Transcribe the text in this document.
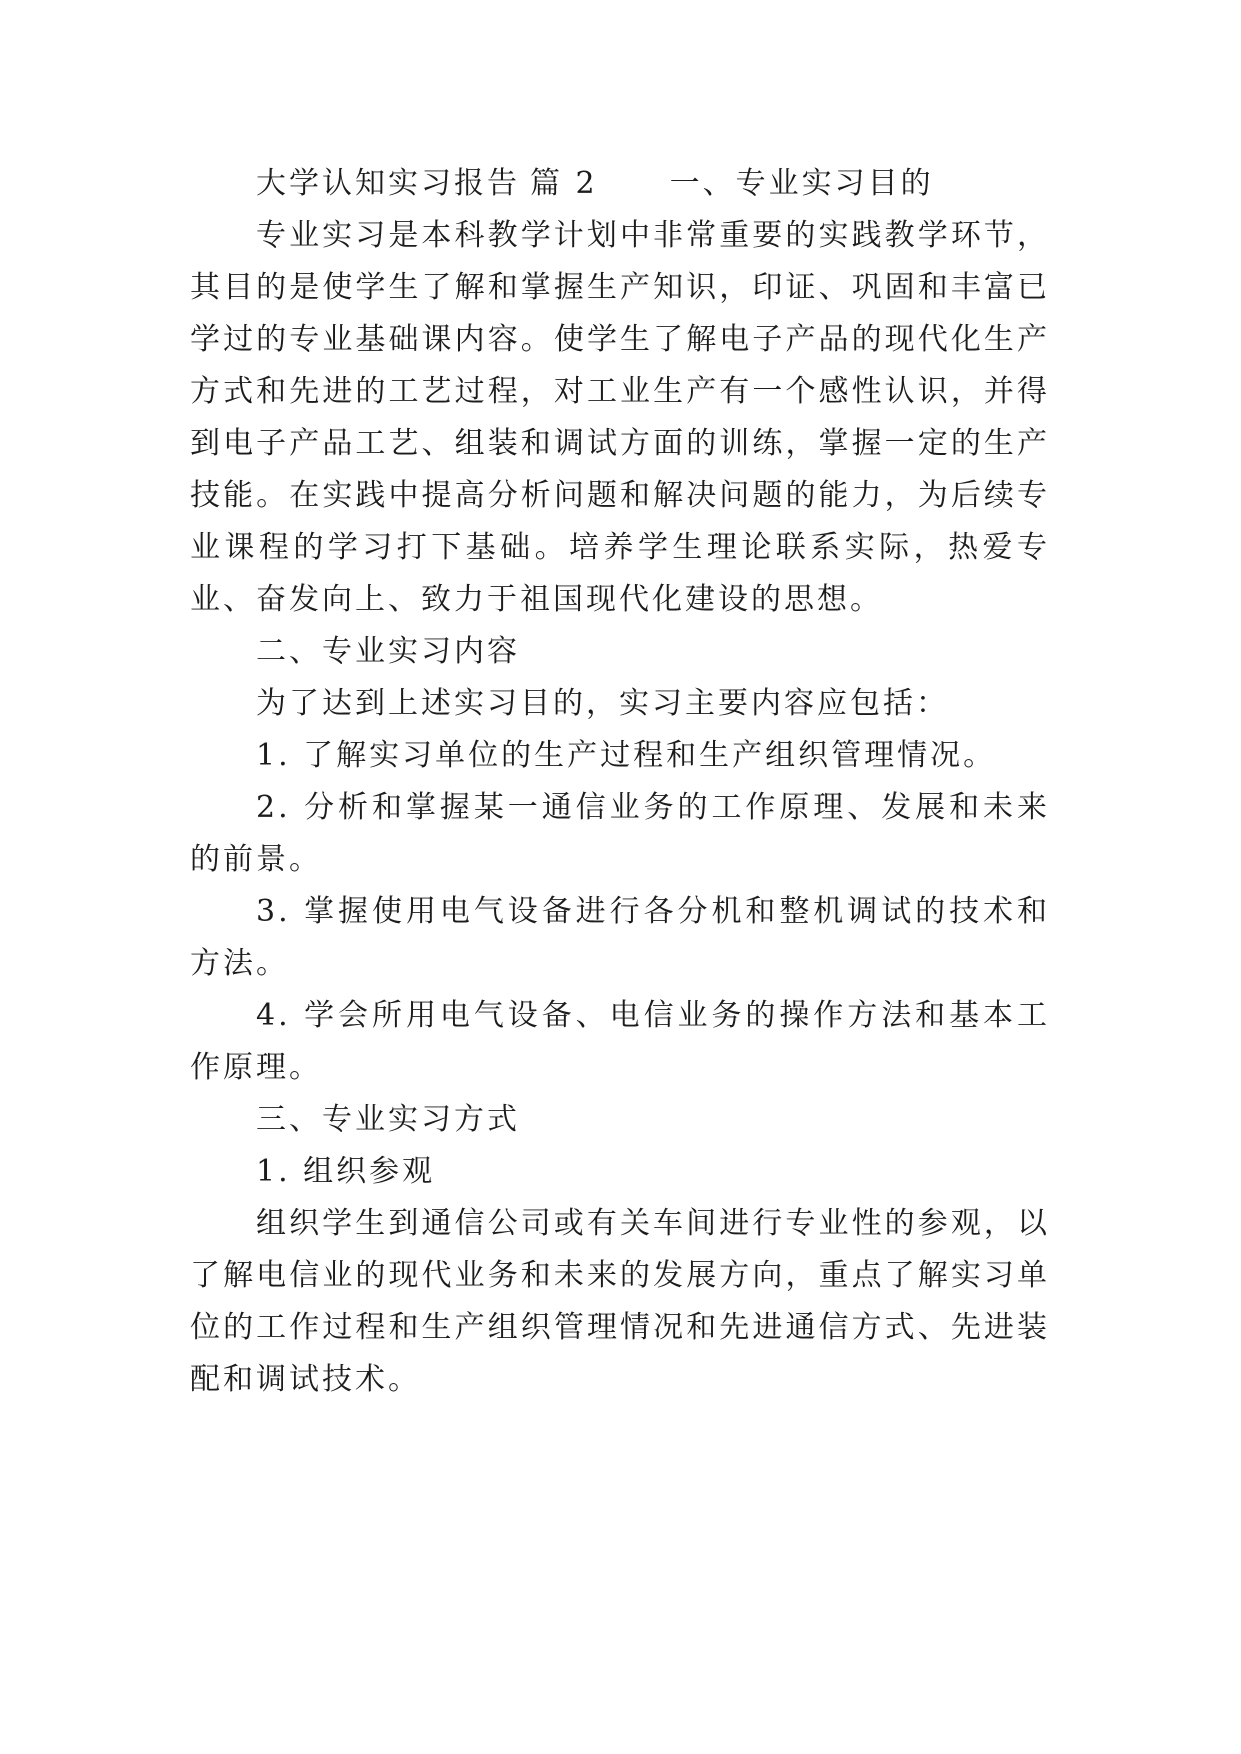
大学认知实习报告 篇 2 一、专业实习目的

专业实习是本科教学计划中非常重要的实践教学环节，其目的是使学生了解和掌握生产知识，印证、巩固和丰富已学过的专业基础课内容。使学生了解电子产品的现代化生产方式和先进的工艺过程，对工业生产有一个感性认识，并得到电子产品工艺、组装和调试方面的训练，掌握一定的生产技能。在实践中提高分析问题和解决问题的能力，为后续专业课程的学习打下基础。培养学生理论联系实际，热爱专业、奋发向上、致力于祖国现代化建设的思想。

二、专业实习内容

为了达到上述实习目的，实习主要内容应包括：

1. 了解实习单位的生产过程和生产组织管理情况。

2. 分析和掌握某一通信业务的工作原理、发展和未来的前景。

3. 掌握使用电气设备进行各分机和整机调试的技术和方法。

4. 学会所用电气设备、电信业务的操作方法和基本工作原理。

三、专业实习方式

1. 组织参观

组织学生到通信公司或有关车间进行专业性的参观，以了解电信业的现代业务和未来的发展方向，重点了解实习单位的工作过程和生产组织管理情况和先进通信方式、先进装配和调试技术。
